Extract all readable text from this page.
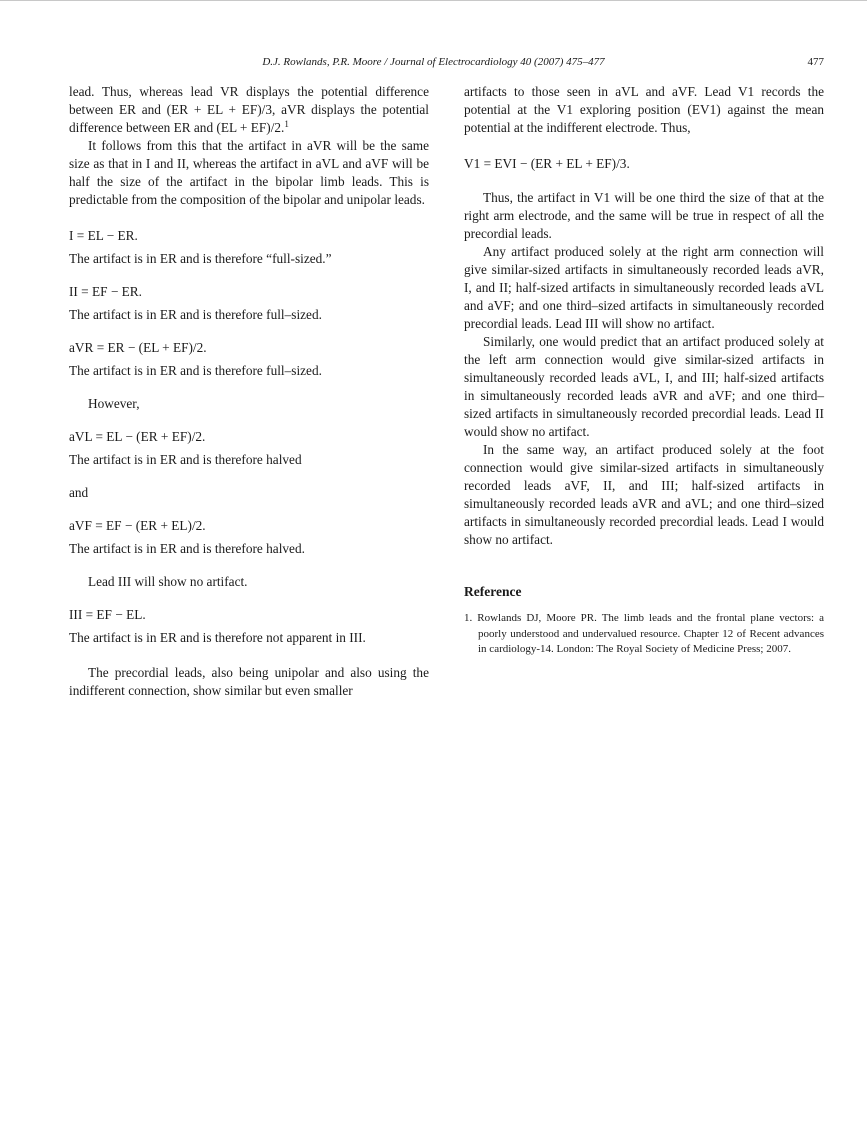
D.J. Rowlands, P.R. Moore / Journal of Electrocardiology 40 (2007) 475–477	477

lead. Thus, whereas lead VR displays the potential difference between ER and (ER + EL + EF)/3, aVR displays the potential difference between ER and (EL + EF)/2.$^1$

It follows from this that the artifact in aVR will be the same size as that in I and II, whereas the artifact in aVL and aVF will be half the size of the artifact in the bipolar limb leads. This is predictable from the composition of the bipolar and unipolar leads.

I = EL − ER.

The artifact is in ER and is therefore “full-sized.”

II = EF − ER.

The artifact is in ER and is therefore full–sized.

aVR = ER − (EL + EF)/2.

The artifact is in ER and is therefore full–sized.

However,

aVL = EL − (ER + EF)/2.

The artifact is in ER and is therefore halved

and

aVF = EF − (ER + EL)/2.

The artifact is in ER and is therefore halved.

Lead III will show no artifact.

III = EF − EL.

The artifact is in ER and is therefore not apparent in III.

The precordial leads, also being unipolar and also using the indifferent connection, show similar but even smaller

artifacts to those seen in aVL and aVF. Lead V1 records the potential at the V1 exploring position (EV1) against the mean potential at the indifferent electrode. Thus,

V1 = EVI − (ER + EL + EF)/3.

Thus, the artifact in V1 will be one third the size of that at the right arm electrode, and the same will be true in respect of all the precordial leads.

Any artifact produced solely at the right arm connection will give similar-sized artifacts in simultaneously recorded leads aVR, I, and II; half-sized artifacts in simultaneously recorded leads aVL and aVF; and one third–sized artifacts in simultaneously recorded precordial leads. Lead III will show no artifact.

Similarly, one would predict that an artifact produced solely at the left arm connection would give similar-sized artifacts in simultaneously recorded leads aVL, I, and III; half-sized artifacts in simultaneously recorded leads aVR and aVF; and one third–sized artifacts in simultaneously recorded precordial leads. Lead II would show no artifact.

In the same way, an artifact produced solely at the foot connection would give similar-sized artifacts in simultaneously recorded leads aVF, II, and III; half-sized artifacts in simultaneously recorded leads aVR and aVL; and one third–sized artifacts in simultaneously recorded precordial leads. Lead I would show no artifact.

Reference

1. Rowlands DJ, Moore PR. The limb leads and the frontal plane vectors: a poorly understood and undervalued resource. Chapter 12 of Recent advances in cardiology-14. London: The Royal Society of Medicine Press; 2007.
